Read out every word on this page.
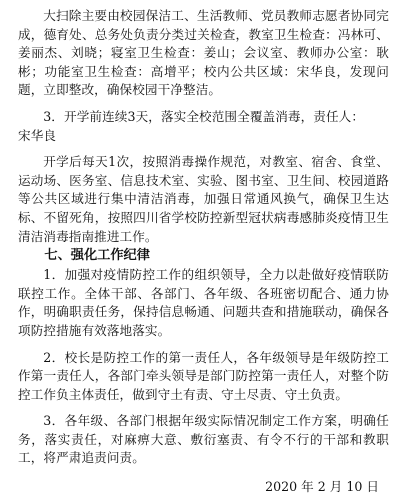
大扫除主要由校园保洁工、生活教师、党员教师志愿者协同完成，德育处、总务处负责分类过关检查，教室卫生检查：冯林可、姜丽杰、刘晓；寝室卫生检查：姜山；会议室、教师办公室：耿彬；功能室卫生检查：高增平；校内公共区域：宋华良，发现问题，立即整改，确保校园干净整洁。

3．开学前连续3天，落实全校范围全覆盖消毒，责任人：

宋华良

开学后每天1次，按照消毒操作规范，对教室、宿舍、食堂、运动场、医务室、信息技术室、实验、图书室、卫生间、校园道路等公共区域进行集中清洁消毒，加强日常通风换气，确保卫生达标、不留死角，按照四川省学校防控新型冠状病毒感肺炎疫情卫生清洁消毒指南推进工作。

七、强化工作纪律

1．加强对疫情防控工作的组织领导，全力以赴做好疫情联防联控工作。全体干部、各部门、各年级、各班密切配合、通力协作，明确职责任务，保持信息畅通、问题共查和措施联动，确保各项防控措施有效落地落实。

2．校长是防控工作的第一责任人，各年级领导是年级防控工作第一责任人，各部门牵头领导是部门防控第一责任人，对整个防控工作负主体责任，做到守土有责、守土尽责、守土负责。

3．各年级、各部门根据年级实际情况制定工作方案，明确任务，落实责任，对麻痹大意、敷衍塞责、有令不行的干部和教职工，将严肃追责问责。

2020 年 2 月 10 日
